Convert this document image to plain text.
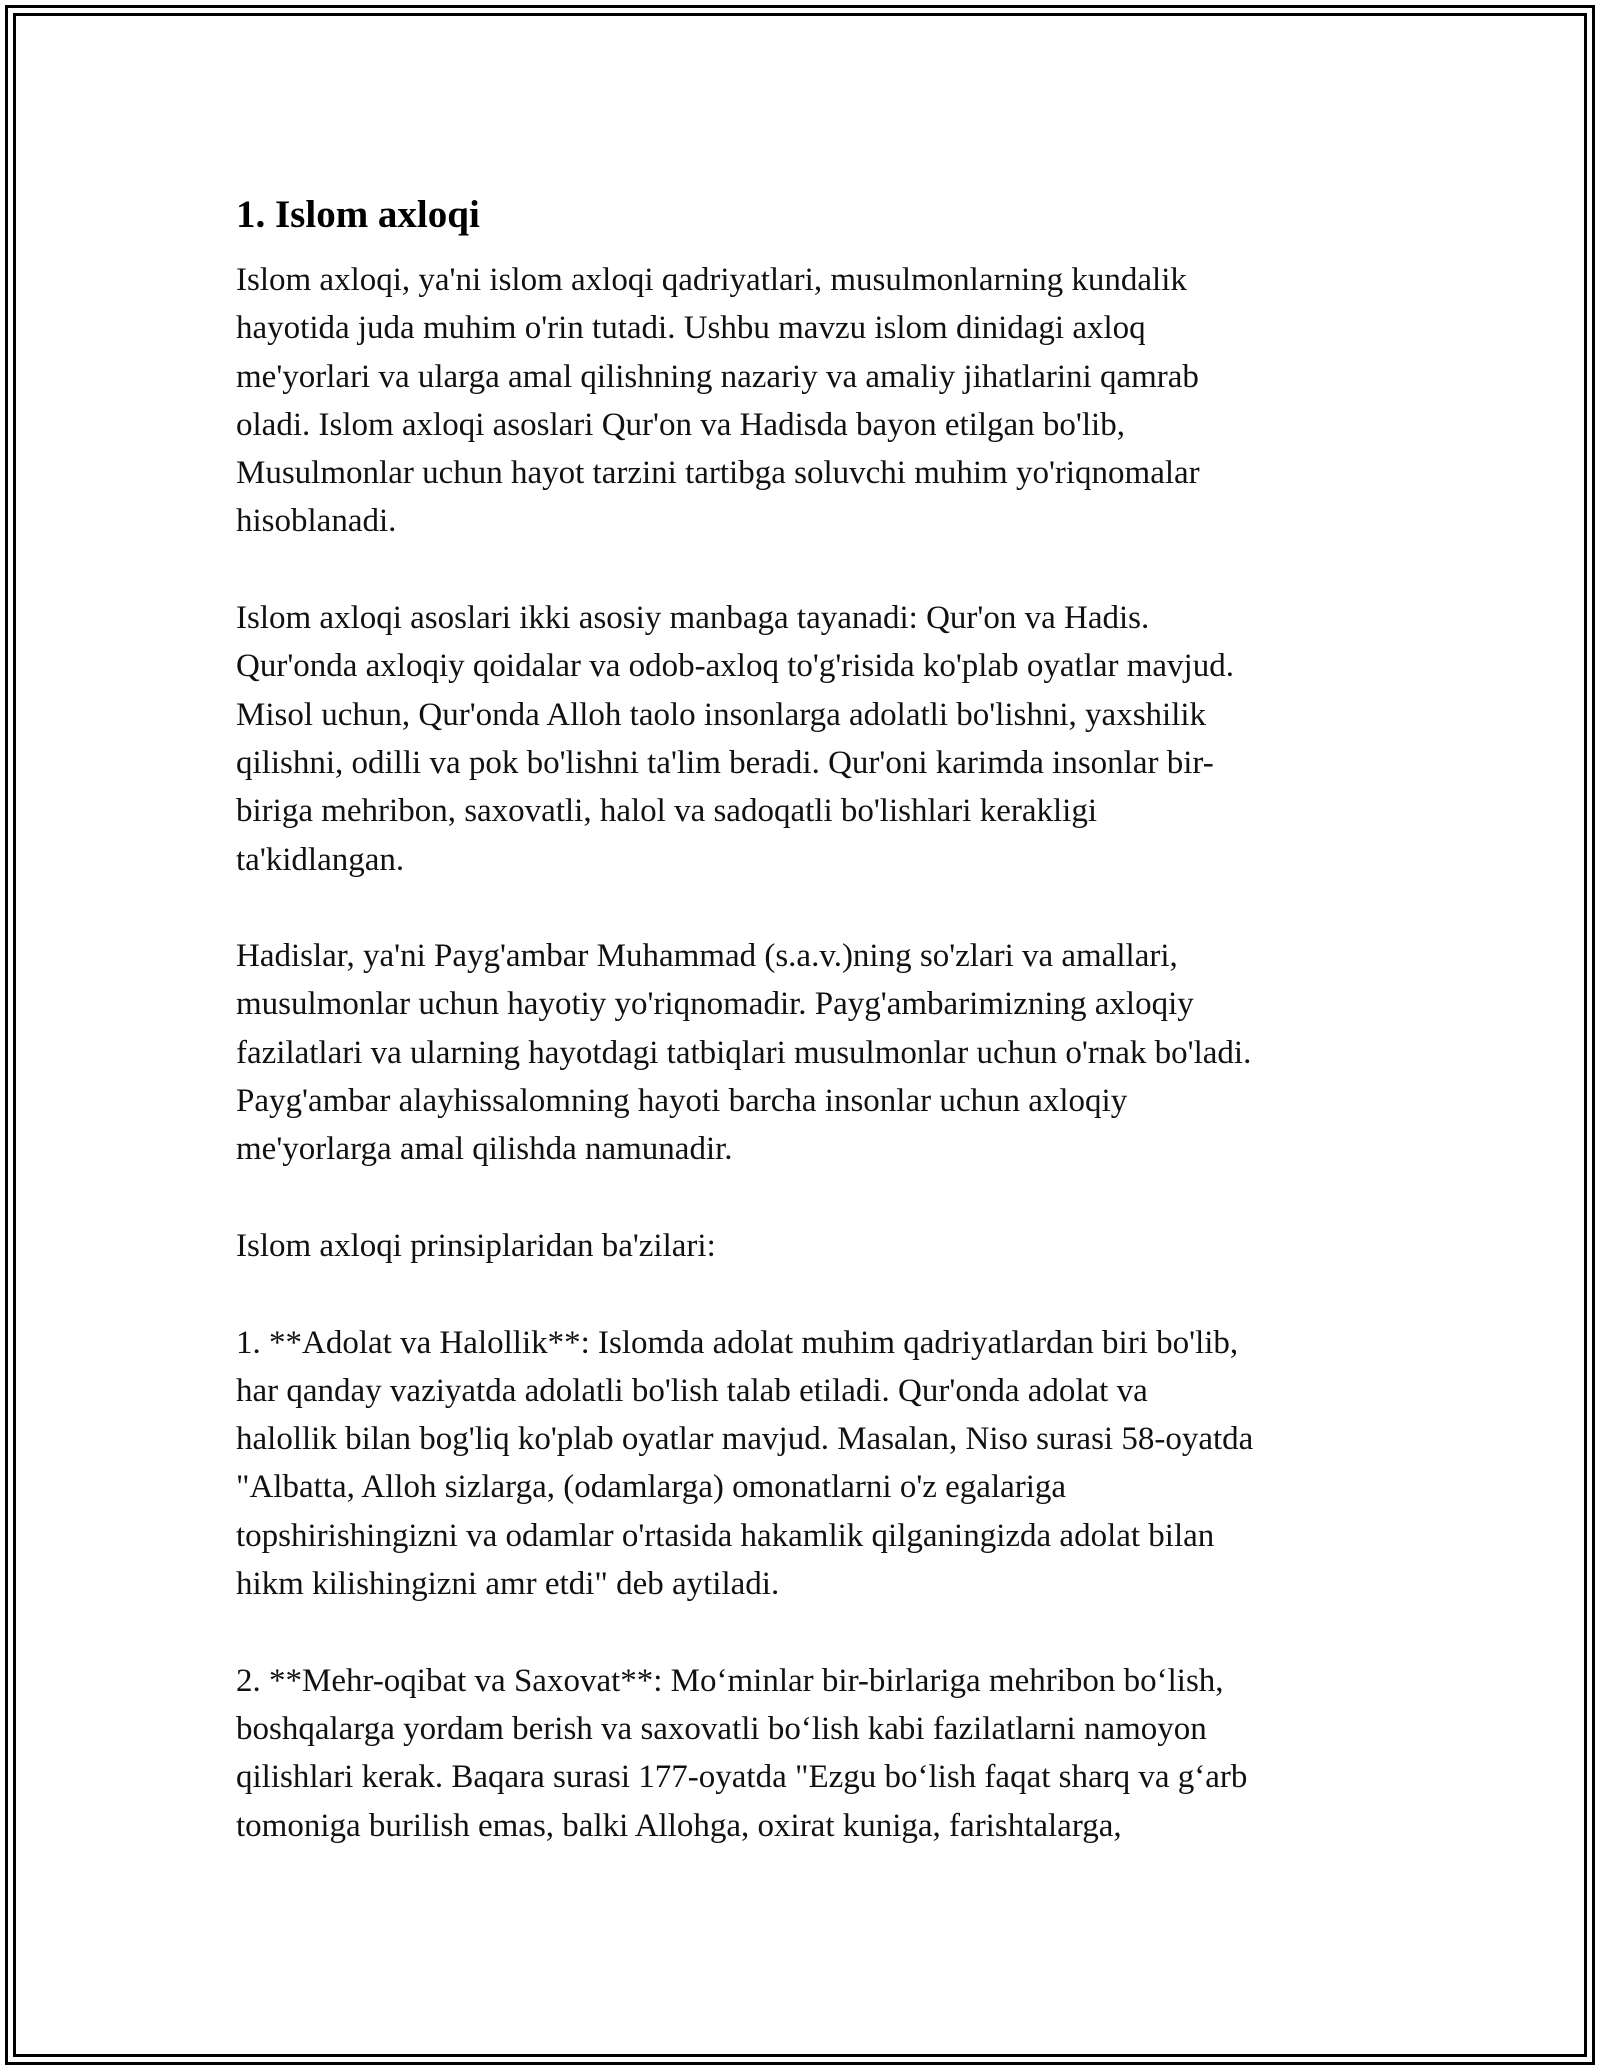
1. Islom axloqi

Islom axloqi, ya'ni islom axloqi qadriyatlari, musulmonlarning kundalik
hayotida juda muhim o'rin tutadi. Ushbu mavzu islom dinidagi axloq
me'yorlari va ularga amal qilishning nazariy va amaliy jihatlarini qamrab
oladi. Islom axloqi asoslari Qur'on va Hadisda bayon etilgan bo'lib,
Musulmonlar uchun hayot tarzini tartibga soluvchi muhim yo'riqnomalar
hisoblanadi.

Islom axloqi asoslari ikki asosiy manbaga tayanadi: Qur'on va Hadis.
Qur'onda axloqiy qoidalar va odob-axloq to'g'risida ko'plab oyatlar mavjud.
Misol uchun, Qur'onda Alloh taolo insonlarga adolatli bo'lishni, yaxshilik
qilishni, odilli va pok bo'lishni ta'lim beradi. Qur'oni karimda insonlar bir-
biriga mehribon, saxovatli, halol va sadoqatli bo'lishlari kerakligi
ta'kidlangan.

Hadislar, ya'ni Payg'ambar Muhammad (s.a.v.)ning so'zlari va amallari,
musulmonlar uchun hayotiy yo'riqnomadir. Payg'ambarimizning axloqiy
fazilatlari va ularning hayotdagi tatbiqlari musulmonlar uchun o'rnak bo'ladi.
Payg'ambar alayhissalomning hayoti barcha insonlar uchun axloqiy
me'yorlarga amal qilishda namunadir.

Islom axloqi prinsiplaridan ba'zilari:

1. **Adolat va Halollik**: Islomda adolat muhim qadriyatlardan biri bo'lib,
har qanday vaziyatda adolatli bo'lish talab etiladi. Qur'onda adolat va
halollik bilan bog'liq ko'plab oyatlar mavjud. Masalan, Niso surasi 58-oyatda
"Albatta, Alloh sizlarga, (odamlarga) omonatlarni o'z egalariga
topshirishingizni va odamlar o'rtasida hakamlik qilganingizda adolat bilan
hikm kilishingizni amr etdi" deb aytiladi.

2. **Mehr-oqibat va Saxovat**: Mo‘minlar bir-birlariga mehribon bo‘lish,
boshqalarga yordam berish va saxovatli bo‘lish kabi fazilatlarni namoyon
qilishlari kerak. Baqara surasi 177-oyatda "Ezgu bo‘lish faqat sharq va g‘arb
tomoniga burilish emas, balki Allohga, oxirat kuniga, farishtalarga,
